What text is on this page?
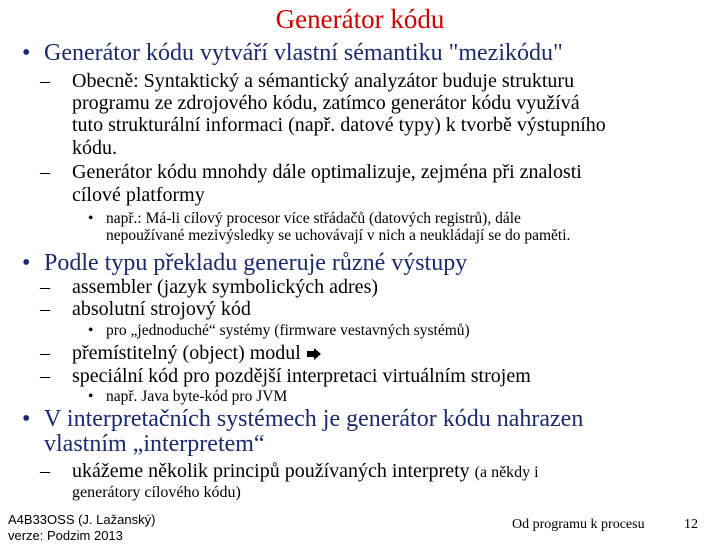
Generátor kódu
• Generátor kódu vytváří vlastní sémantiku "mezikódu"
– Obecně: Syntaktický a sémantický analyzátor buduje strukturu
programu ze zdrojového kódu, zatímco generátor kódu využívá
tuto strukturální informaci (např. datové typy) k tvorbě výstupního
kódu.
– Generátor kódu mnohdy dále optimalizuje, zejména při znalosti
cílové platformy
• např.: Má-li cílový procesor více střádačů (datových registrů), dále
nepoužívané mezivýsledky se uchovávají v nich a neukládají se do paměti.
• Podle typu překladu generuje různé výstupy
– assembler (jazyk symbolických adres)
– absolutní strojový kód
• pro „jednoduché“ systémy (firmware vestavných systémů)
– přemístitelný (object) modul
– speciální kód pro pozdější interpretaci virtuálním strojem
• např. Java byte-kód pro JVM
• V interpretačních systémech je generátor kódu nahrazen
vlastním „interpretem“
– ukážeme několik principů používaných interprety (a někdy i
generátory cílového kódu)
A4B33OSS (J. Lažanský)
verze: Podzim 2013
Od programu k procesu	12
